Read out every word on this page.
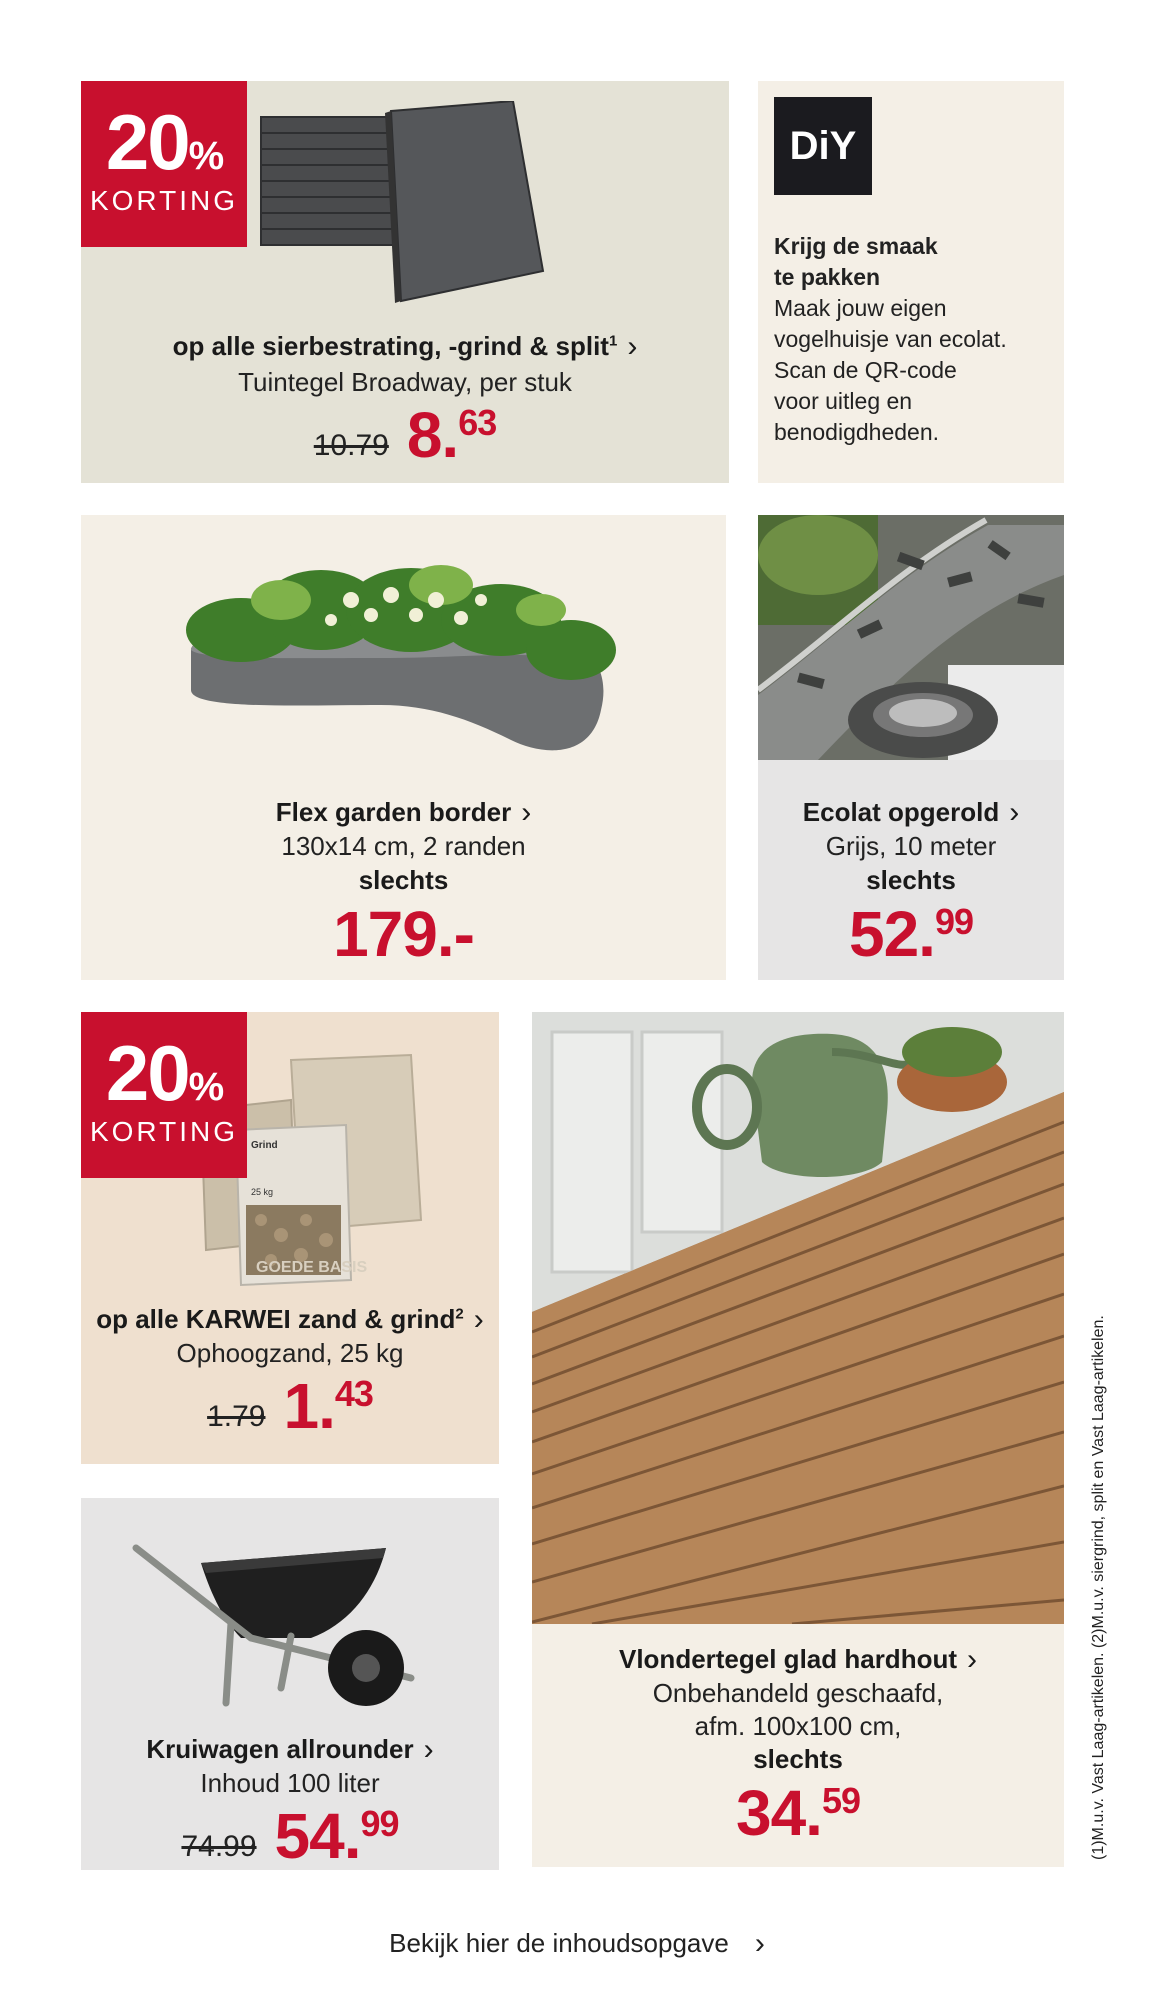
20%
KORTING
op alle sierbestrating, -grind & split$^1$ ›
Tuintegel Broadway, per stuk
10.79 8.63
DiY
Krijg de smaak
te pakken
Maak jouw eigen
vogelhuisje van ecolat.
Scan de QR-code
voor uitleg en
benodigdheden.
Flex garden border ›
130x14 cm, 2 randen
slechts
179.-
Ecolat opgerold ›
Grijs, 10 meter
slechts
52.99
Grind
25 kg
GOEDE BASIS
20%
KORTING
op alle KARWEI zand & grind$^2$ ›
Ophoogzand, 25 kg
1.79 1.43
Vlondertegel glad hardhout ›
Onbehandeld geschaafd,
afm. 100x100 cm,
slechts
34.59
Kruiwagen allrounder ›
Inhoud 100 liter
74.99 54.99	(1)M.u.v. Vast Laag-artikelen. (2)M.u.v. siergrind, split en Vast Laag-artikelen.
Bekijk hier de inhoudsopgave ›
